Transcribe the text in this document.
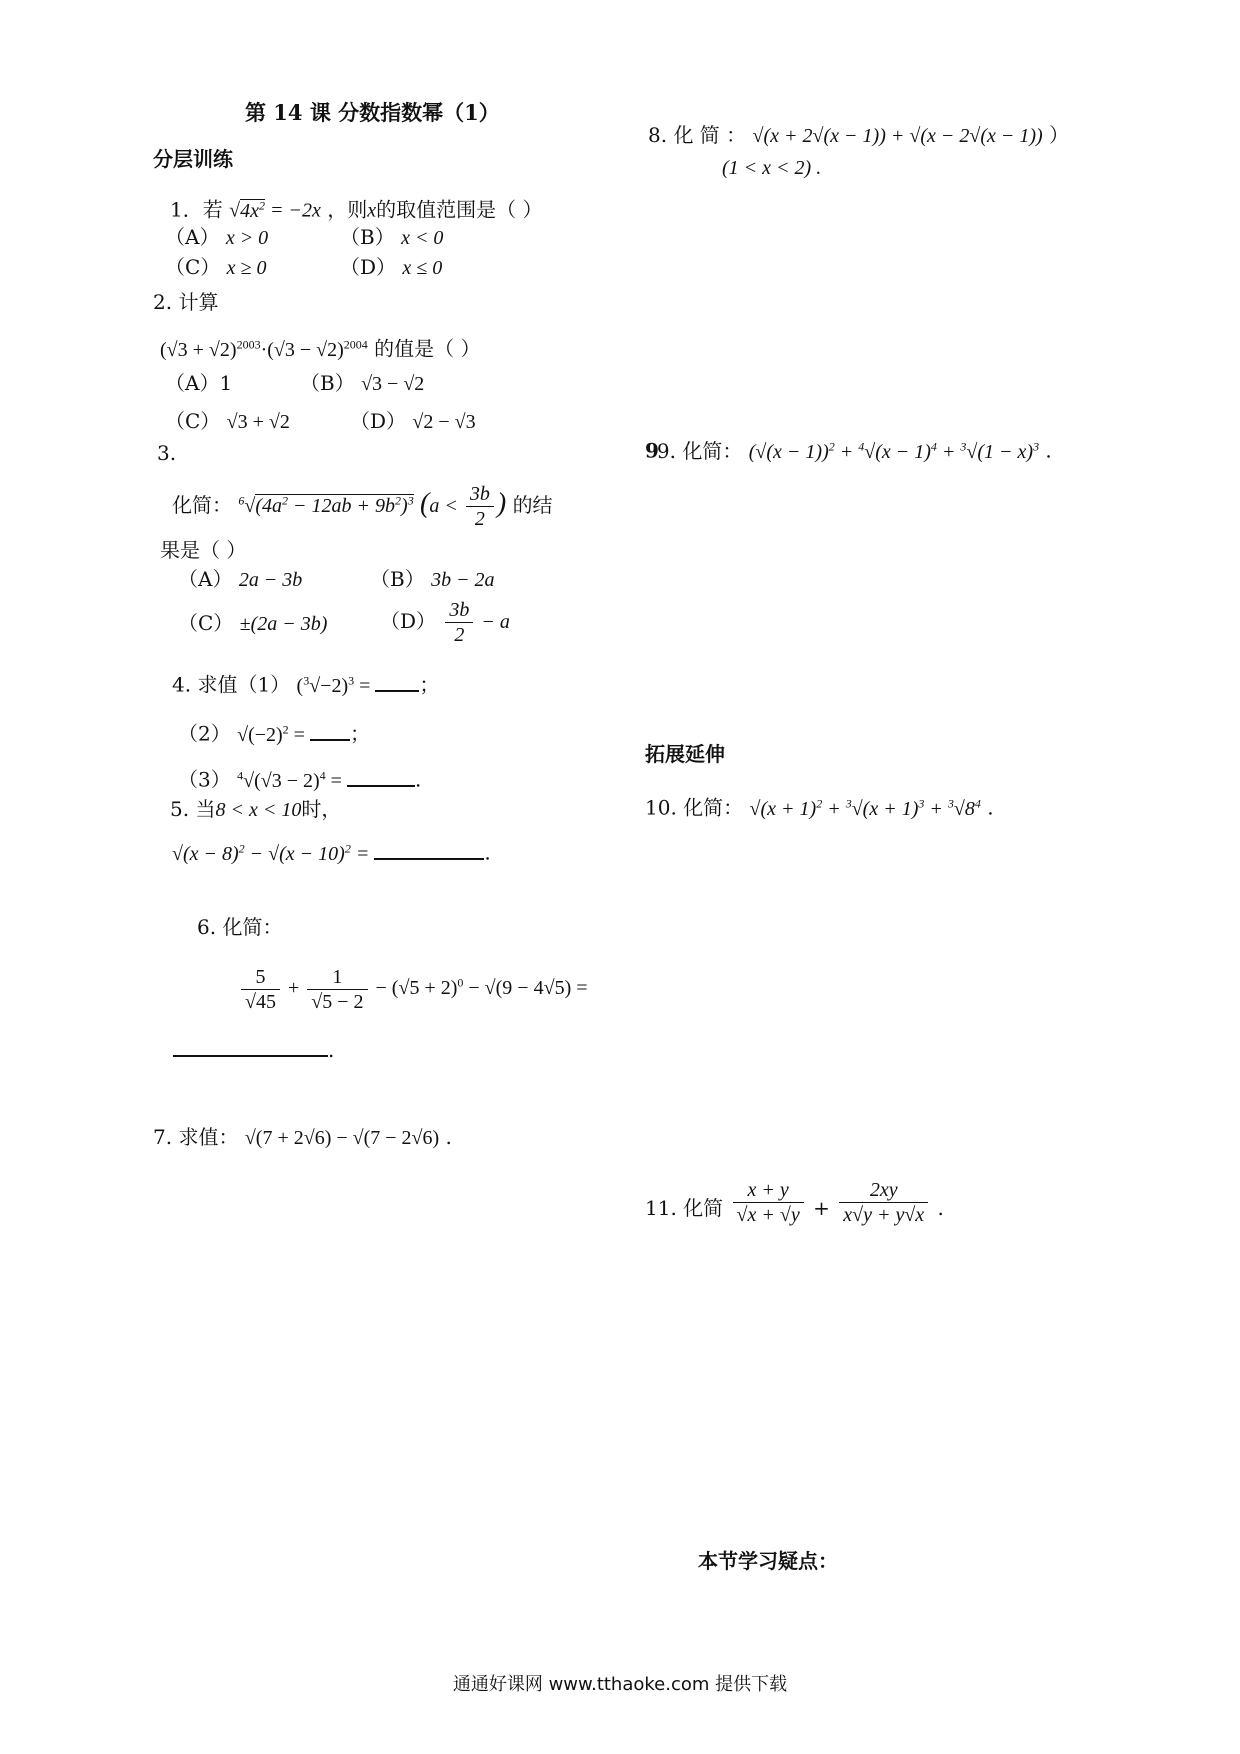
第 14 课 分数指数幂（1）
分层训练
1．若 $√4x^2 = -2x$ ，则x的取值范围是（ ）
（A） x > 0	（B） x < 0
（C） x ≥ 0	（D） x ≤ 0
2. 计算
$(√3 + √2)^{2003}\cdot(√3 - √2)^{2004}$ 的值是（ ）
（A）1	（B） √3 − √2
（C） √3 + √2	（D） √2 − √3
3.
化简： $^6√(4a^2 - 12ab + 9b^2)^3$ ($a < \frac{3b}{2}$ ) 的结
果是（ ）
（A） 2a − 3b	（B） 3b − 2a
（C） ±(2a − 3b)	$(D) \frac{3b}{2} - a$
4. 求值（1） $(^3√-2)^3$ = ；
（2） $√(-2)^2$ = ；
（3） $^4√(√3 - 2)^4$ =	.
5. 当8 < x < 10时，
$√(x - 8)^2 - √(x - 10)^2$ =	.
6. 化简：
$\frac{5}{√45} + \frac{1}{√5 - 2} - (√5 + 2)^0 - √(9 - 4√5)$ =
.
7. 求值： √(7 + 2√6) − √(7 − 2√6) .
8. 化 简 ： √(x + 2√(x − 1)) + √(x − 2√(x − 1)) ）
(1 < x < 2) .
99. 化简： $(√(x - 1))^2 + ^4√(x - 1)^4 + ^3√(1 - x)^3$ .
拓展延伸
10. 化简： $√(x + 1)^2 + ^3√(x + 1)^3 + ^3√8^4$ .
11. 化简 $\frac{x + y}{√x + √y} + \frac{2xy}{x√y + y√x}$ .
本节学习疑点：
通通好课网 www.tthaoke.com 提供下载
